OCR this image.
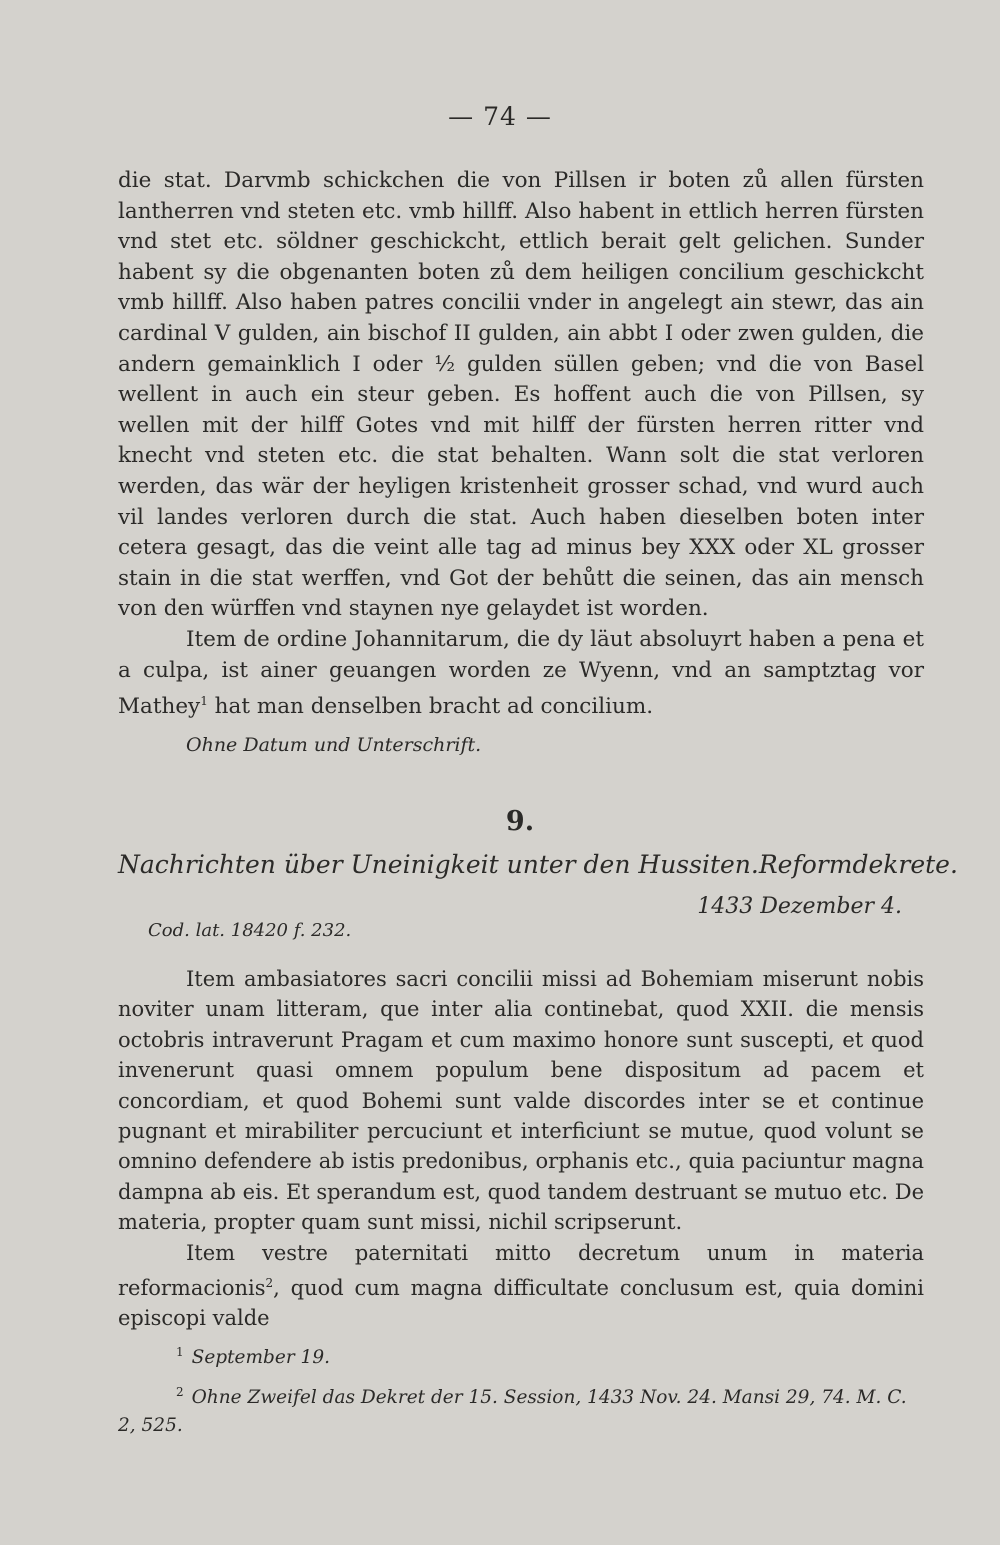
— 74 —

die stat. Darvmb schickchen die von Pillsen ir boten zů allen fürsten lantherren vnd steten etc. vmb hillff. Also habent in ettlich herren fürsten vnd stet etc. söldner geschickcht, ettlich berait gelt gelichen. Sunder habent sy die obgenanten boten zů dem heiligen concilium geschickcht vmb hillff. Also haben patres concilii vnder in angelegt ain stewr, das ain cardinal V gulden, ain bischof II gulden, ain abbt I oder zwen gulden, die andern gemainklich I oder ½ gulden süllen geben; vnd die von Basel wellent in auch ein steur geben. Es hoffent auch die von Pillsen, sy wellen mit der hilff Gotes vnd mit hilff der fürsten herren ritter vnd knecht vnd steten etc. die stat behalten. Wann solt die stat verloren werden, das wär der heyligen kristenheit grosser schad, vnd wurd auch vil landes verloren durch die stat. Auch haben dieselben boten inter cetera gesagt, das die veint alle tag ad minus bey XXX oder XL grosser stain in die stat werffen, vnd Got der behůtt die seinen, das ain mensch von den würffen vnd staynen nye gelaydet ist worden.

Item de ordine Johannitarum, die dy läut absoluyrt haben a pena et a culpa, ist ainer geuangen worden ze Wyenn, vnd an samptztag vor Mathey$^1$ hat man denselben bracht ad concilium.

Ohne Datum und Unterschrift.
9.
Nachrichten über Uneinigkeit unter den Hussiten. Reformdekrete.
1433 Dezember 4.
Cod. lat. 18420 f. 232.

Item ambasiatores sacri concilii missi ad Bohemiam miserunt nobis noviter unam litteram, que inter alia continebat, quod XXII. die mensis octobris intraverunt Pragam et cum maximo honore sunt suscepti, et quod invenerunt quasi omnem populum bene dispositum ad pacem et concordiam, et quod Bohemi sunt valde discordes inter se et continue pugnant et mirabiliter percuciunt et interficiunt se mutue, quod volunt se omnino defendere ab istis predonibus, orphanis etc., quia paciuntur magna dampna ab eis. Et sperandum est, quod tandem destruant se mutuo etc. De materia, propter quam sunt missi, nichil scripserunt.

Item vestre paternitati mitto decretum unum in materia reformacionis$^2$, quod cum magna difficultate conclusum est, quia domini episcopi valde

$^1$ September 19.
$^2$ Ohne Zweifel das Dekret der 15. Session, 1433 Nov. 24. Mansi 29, 74. M. C. 2, 525.
